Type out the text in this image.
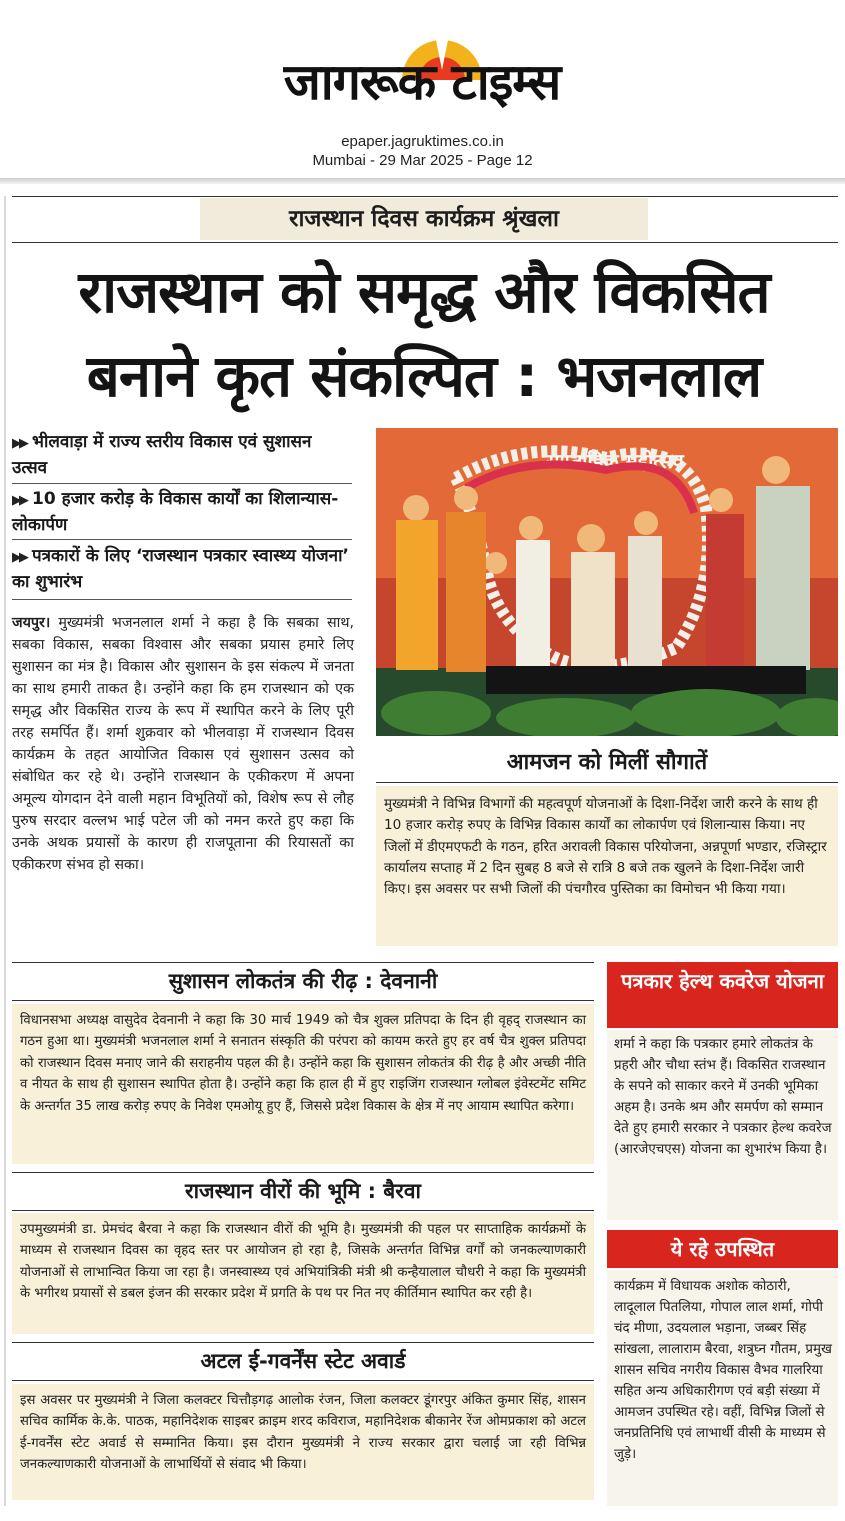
जागरूक टाइम्स
epaper.jagruktimes.co.in
Mumbai - 29 Mar 2025 - Page 12
राजस्थान दिवस कार्यक्रम श्रृंखला
राजस्थान को समृद्ध और विकसित
बनाने कृत संकल्पित : भजनलाल
▶▶ भीलवाड़ा में राज्य स्तरीय विकास एवं सुशासन उत्सव
▶▶ 10 हजार करोड़ के विकास कार्यों का शिलान्यास-लोकार्पण
▶▶ पत्रकारों के लिए ‘राजस्थान पत्रकार स्वास्थ्य योजना’ का शुभारंभ
जयपुर। मुख्यमंत्री भजनलाल शर्मा ने कहा है कि सबका साथ, सबका विकास, सबका विश्वास और सबका प्रयास हमारे लिए सुशासन का मंत्र है। विकास और सुशासन के इस संकल्प में जनता का साथ हमारी ताकत है। उन्होंने कहा कि हम राजस्थान को एक समृद्ध और विकसित राज्य के रूप में स्थापित करने के लिए पूरी तरह समर्पित हैं। शर्मा शुक्रवार को भीलवाड़ा में राजस्थान दिवस कार्यक्रम के तहत आयोजित विकास एवं सुशासन उत्सव को संबोधित कर रहे थे। उन्होंने राजस्थान के एकीकरण में अपना अमूल्य योगदान देने वाली महान विभूतियों को, विशेष रूप से लौह पुरुष सरदार वल्लभ भाई पटेल जी को नमन करते हुए कहा कि उनके अथक प्रयासों के कारण ही राजपूताना की रियासतों का एकीकरण संभव हो सका।
साप्ताहिक महोत्सव
आमजन को मिलीं सौगातें
मुख्यमंत्री ने विभिन्न विभागों की महत्वपूर्ण योजनाओं के दिशा-निर्देश जारी करने के साथ ही 10 हजार करोड़ रुपए के विभिन्न विकास कार्यों का लोकार्पण एवं शिलान्यास किया। नए जिलों में डीएमएफटी के गठन, हरित अरावली विकास परियोजना, अन्नपूर्णा भण्डार, रजिस्ट्रार कार्यालय सप्ताह में 2 दिन सुबह 8 बजे से रात्रि 8 बजे तक खुलने के दिशा-निर्देश जारी किए। इस अवसर पर सभी जिलों की पंचगौरव पुस्तिका का विमोचन भी किया गया।
सुशासन लोकतंत्र की रीढ़ : देवनानी
विधानसभा अध्यक्ष वासुदेव देवनानी ने कहा कि 30 मार्च 1949 को चैत्र शुक्ल प्रतिपदा के दिन ही वृहद् राजस्थान का गठन हुआ था। मुख्यमंत्री भजनलाल शर्मा ने सनातन संस्कृति की परंपरा को कायम करते हुए हर वर्ष चैत्र शुक्ल प्रतिपदा को राजस्थान दिवस मनाए जाने की सराहनीय पहल की है। उन्होंने कहा कि सुशासन लोकतंत्र की रीढ़ है और अच्छी नीति व नीयत के साथ ही सुशासन स्थापित होता है। उन्होंने कहा कि हाल ही में हुए राइजिंग राजस्थान ग्लोबल इंवेस्टमेंट समिट के अन्तर्गत 35 लाख करोड़ रुपए के निवेश एमओयू हुए हैं, जिससे प्रदेश विकास के क्षेत्र में नए आयाम स्थापित करेगा।
राजस्थान वीरों की भूमि : बैरवा
उपमुख्यमंत्री डा. प्रेमचंद बैरवा ने कहा कि राजस्थान वीरों की भूमि है। मुख्यमंत्री की पहल पर साप्ताहिक कार्यक्रमों के माध्यम से राजस्थान दिवस का वृहद स्तर पर आयोजन हो रहा है, जिसके अन्तर्गत विभिन्न वर्गों को जनकल्याणकारी योजनाओं से लाभान्वित किया जा रहा है। जनस्वास्थ्य एवं अभियांत्रिकी मंत्री श्री कन्हैयालाल चौधरी ने कहा कि मुख्यमंत्री के भगीरथ प्रयासों से डबल इंजन की सरकार प्रदेश में प्रगति के पथ पर नित नए कीर्तिमान स्थापित कर रही है।
अटल ई-गवर्नेंस स्टेट अवार्ड
इस अवसर पर मुख्यमंत्री ने जिला कलक्टर चित्तौड़गढ़ आलोक रंजन, जिला कलक्टर डूंगरपुर अंकित कुमार सिंह, शासन सचिव कार्मिक के.के. पाठक, महानिदेशक साइबर क्राइम शरद कविराज, महानिदेशक बीकानेर रेंज ओमप्रकाश को अटल ई-गवर्नेंस स्टेट अवार्ड से सम्मानित किया। इस दौरान मुख्यमंत्री ने राज्य सरकार द्वारा चलाई जा रही विभिन्न जनकल्याणकारी योजनाओं के लाभार्थियों से संवाद भी किया।
पत्रकार हेल्थ कवरेज योजना
शर्मा ने कहा कि पत्रकार हमारे लोकतंत्र के प्रहरी और चौथा स्तंभ हैं। विकसित राजस्थान के सपने को साकार करने में उनकी भूमिका अहम है। उनके श्रम और समर्पण को सम्मान देते हुए हमारी सरकार ने पत्रकार हेल्थ कवरेज (आरजेएचएस) योजना का शुभारंभ किया है।
ये रहे उपस्थित
कार्यक्रम में विधायक अशोक कोठारी, लादूलाल पितलिया, गोपाल लाल शर्मा, गोपी चंद मीणा, उदयलाल भड़ाना, जब्बर सिंह सांखला, लालाराम बैरवा, शत्रुघ्न गौतम, प्रमुख शासन सचिव नगरीय विकास वैभव गालरिया सहित अन्य अधिकारीगण एवं बड़ी संख्या में आमजन उपस्थित रहे। वहीं, विभिन्न जिलों से जनप्रतिनिधि एवं लाभार्थी वीसी के माध्यम से जुड़े।
